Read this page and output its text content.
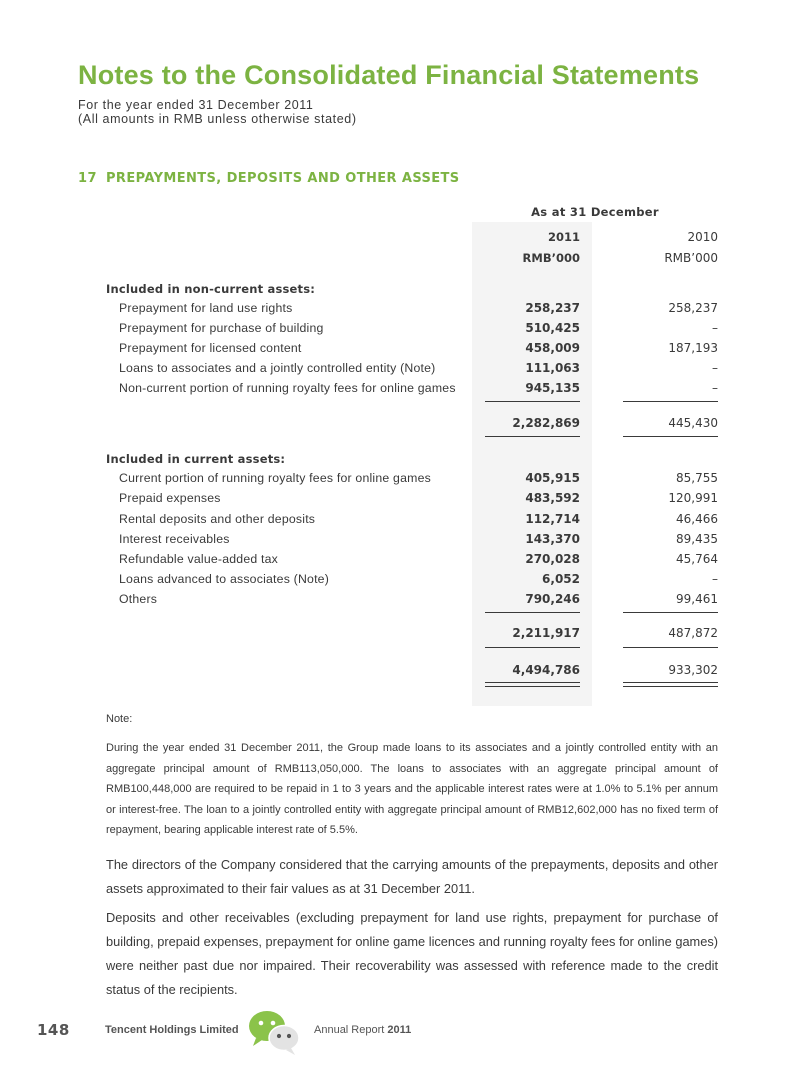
Notes to the Consolidated Financial Statements
For the year ended 31 December 2011
(All amounts in RMB unless otherwise stated)
17 PREPAYMENTS, DEPOSITS AND OTHER ASSETS
As at 31 December
2011	2010
RMB’000	RMB’000
Included in non-current assets:
Prepayment for land use rights	258,237	258,237
Prepayment for purchase of building	510,425	–
Prepayment for licensed content	458,009	187,193
Loans to associates and a jointly controlled entity (Note)	111,063	–
Non-current portion of running royalty fees for online games	945,135	–
2,282,869	445,430
Included in current assets:
Current portion of running royalty fees for online games	405,915	85,755
Prepaid expenses	483,592	120,991
Rental deposits and other deposits	112,714	46,466
Interest receivables	143,370	89,435
Refundable value-added tax	270,028	45,764
Loans advanced to associates (Note)	6,052	–
Others	790,246	99,461
2,211,917	487,872
4,494,786	933,302
Note:
During the year ended 31 December 2011, the Group made loans to its associates and a jointly controlled entity with an aggregate principal amount of RMB113,050,000. The loans to associates with an aggregate principal amount of RMB100,448,000 are required to be repaid in 1 to 3 years and the applicable interest rates were at 1.0% to 5.1% per annum or interest-free. The loan to a jointly controlled entity with aggregate principal amount of RMB12,602,000 has no fixed term of repayment, bearing applicable interest rate of 5.5%.
The directors of the Company considered that the carrying amounts of the prepayments, deposits and other assets approximated to their fair values as at 31 December 2011.
Deposits and other receivables (excluding prepayment for land use rights, prepayment for purchase of building, prepaid expenses, prepayment for online game licences and running royalty fees for online games) were neither past due nor impaired. Their recoverability was assessed with reference made to the credit status of the recipients.
148	Tencent Holdings Limited	Annual Report 2011
